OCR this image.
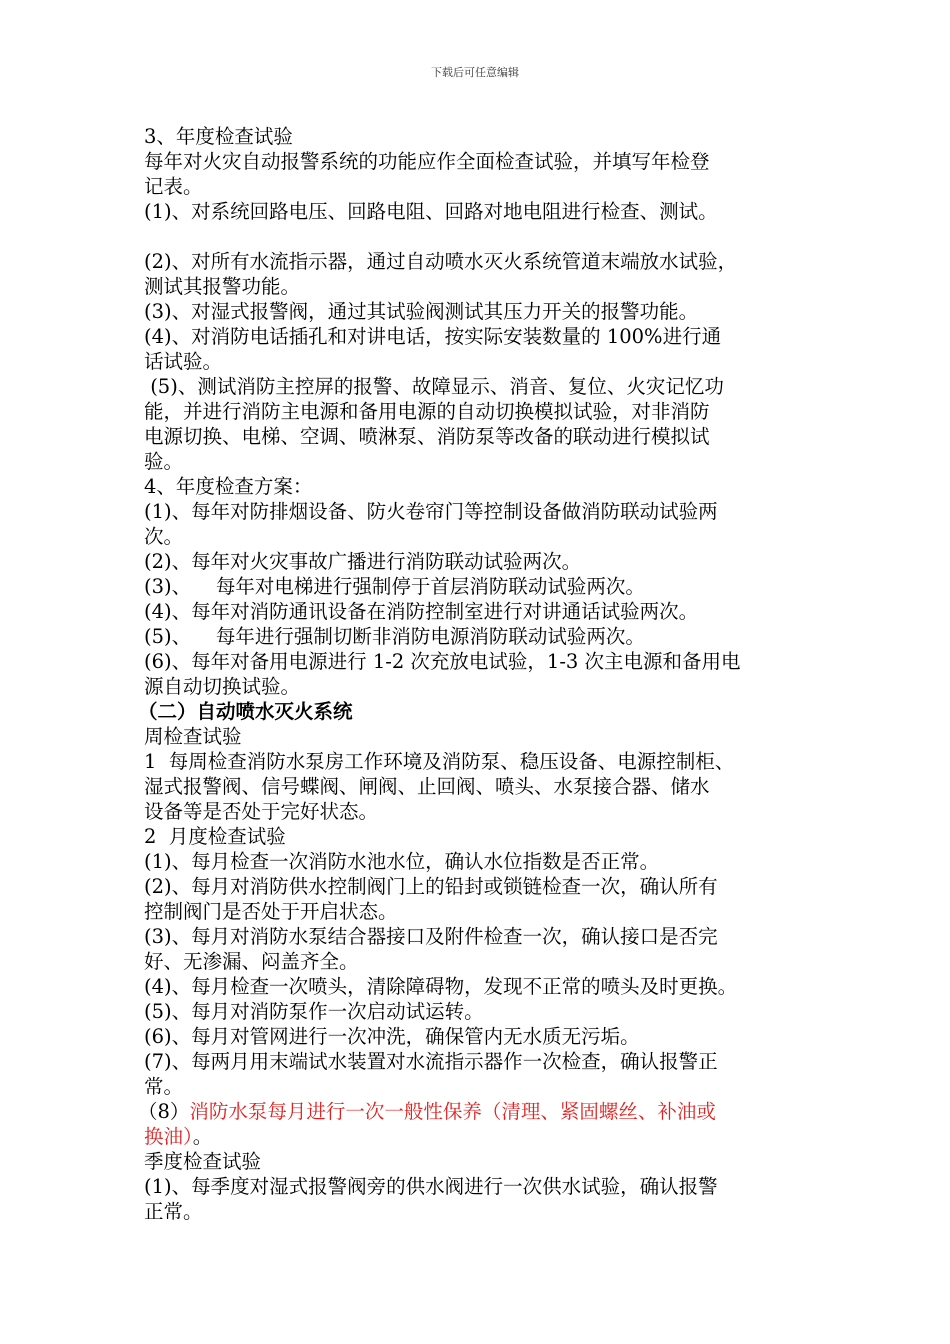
下载后可任意编辑
3、年度检查试验
每年对火灾自动报警系统的功能应作全面检查试验，并填写年检登
记表。
(1)、对系统回路电压、回路电阻、回路对地电阻进行检查、测试。
(2)、对所有水流指示器，通过自动喷水灭火系统管道末端放水试验，
测试其报警功能。
(3)、对湿式报警阀，通过其试验阀测试其压力开关的报警功能。
(4)、对消防电话插孔和对讲电话，按实际安装数量的 100%进行通
话试验。
(5)、测试消防主控屏的报警、故障显示、消音、复位、火灾记忆功
能，并进行消防主电源和备用电源的自动切换模拟试验，对非消防
电源切换、电梯、空调、喷淋泵、消防泵等改备的联动进行模拟试
验。
4、年度检查方案：
(1)、每年对防排烟设备、防火卷帘门等控制设备做消防联动试验两
次。
(2)、每年对火灾事故广播进行消防联动试验两次。
(3)、    每年对电梯进行强制停于首层消防联动试验两次。
(4)、每年对消防通讯设备在消防控制室进行对讲通话试验两次。
(5)、    每年进行强制切断非消防电源消防联动试验两次。
(6)、每年对备用电源进行 1-2 次充放电试验，1-3 次主电源和备用电
源自动切换试验。
（二）自动喷水灭火系统
周检查试验
1  每周检查消防水泵房工作环境及消防泵、稳压设备、电源控制柜、
湿式报警阀、信号蝶阀、闸阀、止回阀、喷头、水泵接合器、储水
设备等是否处于完好状态。
2  月度检查试验
(1)、每月检查一次消防水池水位，确认水位指数是否正常。
(2)、每月对消防供水控制阀门上的铅封或锁链检查一次，确认所有
控制阀门是否处于开启状态。
(3)、每月对消防水泵结合器接口及附件检查一次，确认接口是否完
好、无渗漏、闷盖齐全。
(4)、每月检查一次喷头，清除障碍物，发现不正常的喷头及时更换。
(5)、每月对消防泵作一次启动试运转。
(6)、每月对管网进行一次冲洗，确保管内无水质无污垢。
(7)、每两月用末端试水装置对水流指示器作一次检查，确认报警正
常。
（8）消防水泵每月进行一次一般性保养（清理、紧固螺丝、补油或
换油）。
季度检查试验
(1)、每季度对湿式报警阀旁的供水阀进行一次供水试验，确认报警
正常。
